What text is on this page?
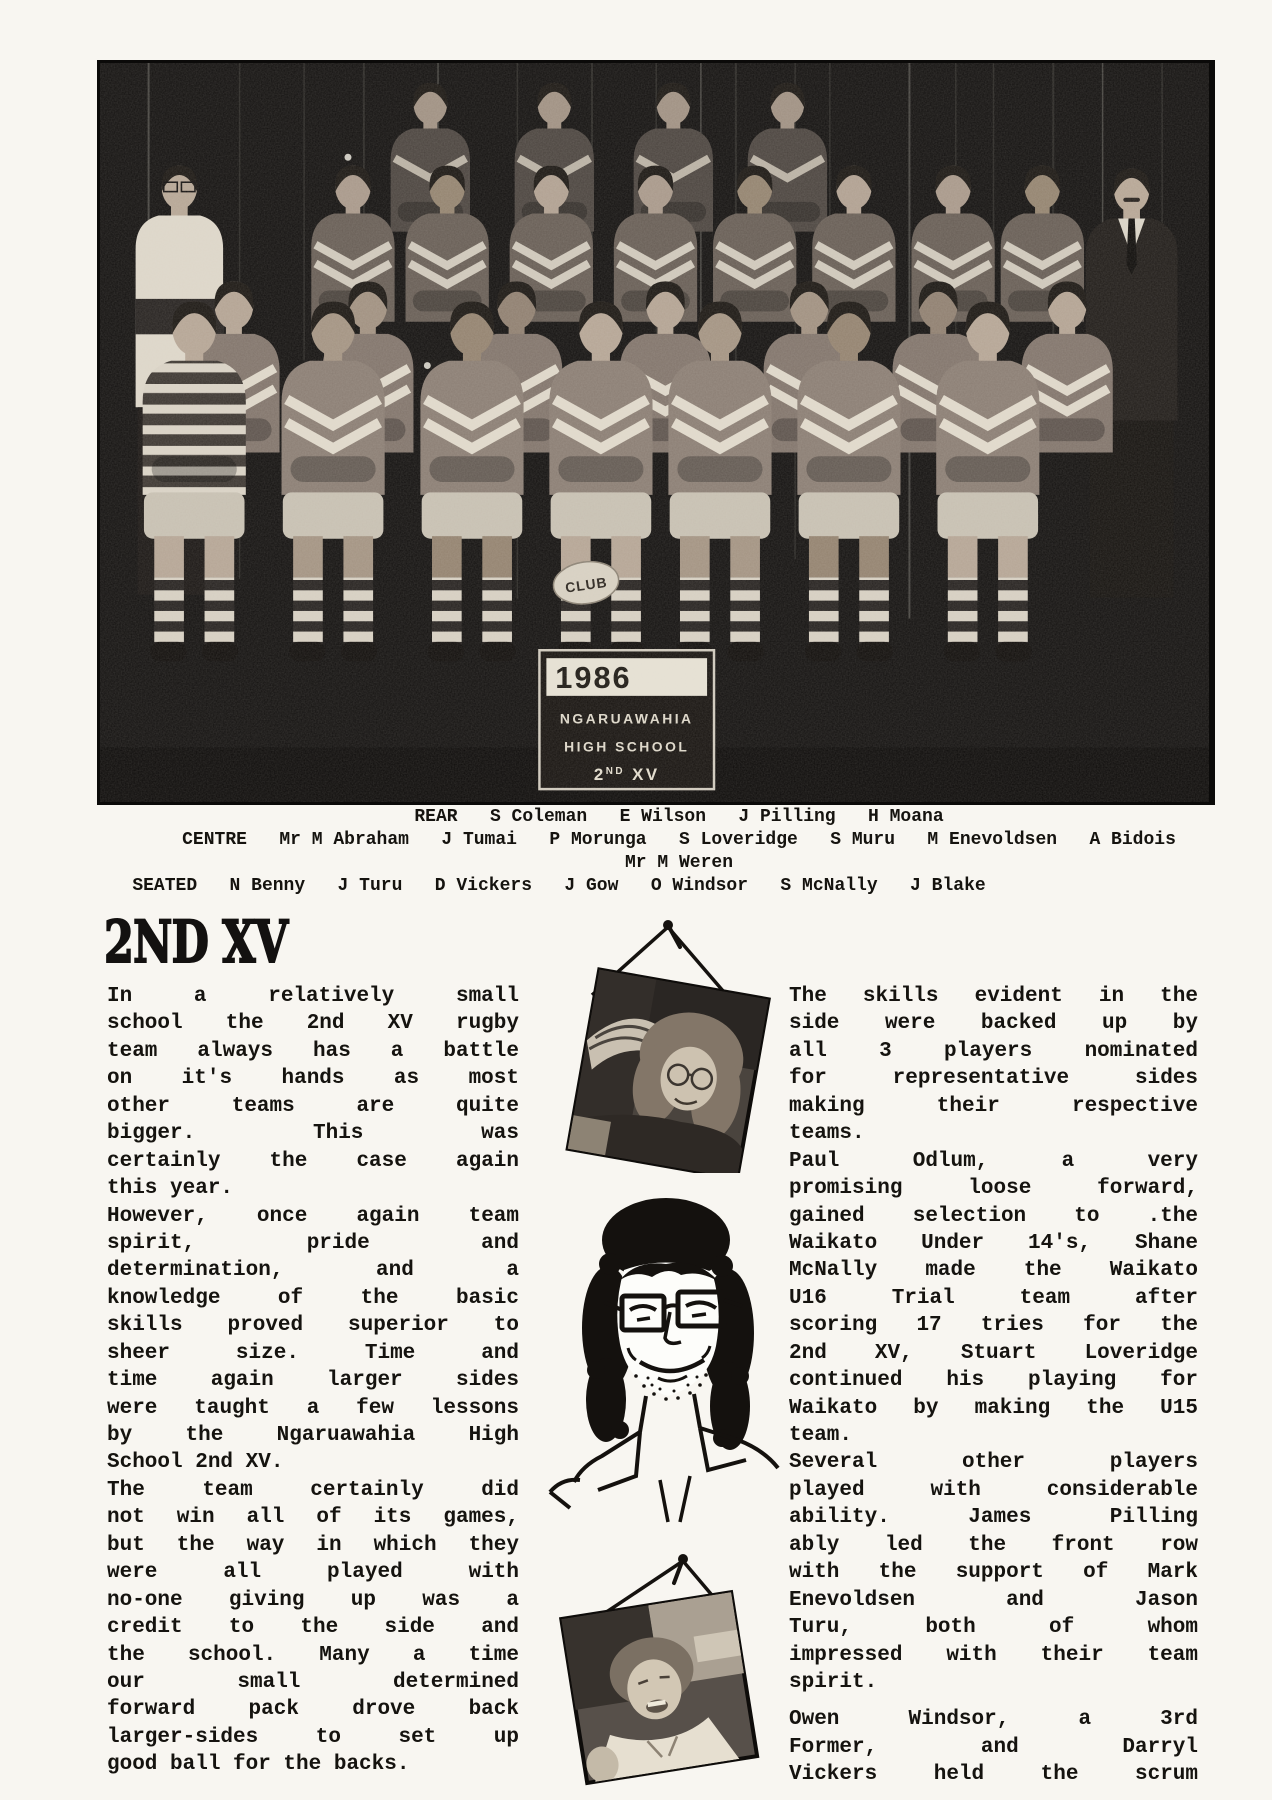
REAR   S Coleman   E Wilson   J Pilling   H Moana
CENTRE   Mr M Abraham   J Tumai   P Morunga   S Loveridge   S Muru   M Enevoldsen   A Bidois
Mr M Weren
SEATED   N Benny   J Turu   D Vickers   J Gow   O Windsor   S McNally   J Blake
2ND XV
In a relatively small
school the 2nd XV rugby
team always has a battle
on it's hands as most
other teams are quite
bigger. This was
certainly the case again
this year.
However, once again team
spirit, pride and
determination, and a
knowledge of the basic
skills proved superior to
sheer size. Time and
time again larger sides
were taught a few lessons
by the Ngaruawahia High
School 2nd XV.
The team certainly did
not win all of its games,
but the way in which they
were all played with
no-one giving up was a
credit to the side and
the school. Many a time
our small determined
forward pack drove back
larger-sides to set up
good ball for the backs.
The skills evident in the
side were backed up by
all 3 players nominated
for representative sides
making their respective
teams.
Paul Odlum, a very
promising loose forward,
gained selection to .the
Waikato Under 14's, Shane
McNally made the Waikato
U16 Trial team after
scoring 17 tries for the
2nd XV, Stuart Loveridge
continued his playing for
Waikato by making the U15
team.
Several other players
played with considerable
ability. James Pilling
ably led the front row
with the support of Mark
Enevoldsen and Jason
Turu, both of whom
impressed with their team
spirit.
Owen Windsor, a 3rd
Former, and Darryl
Vickers held the scrum
